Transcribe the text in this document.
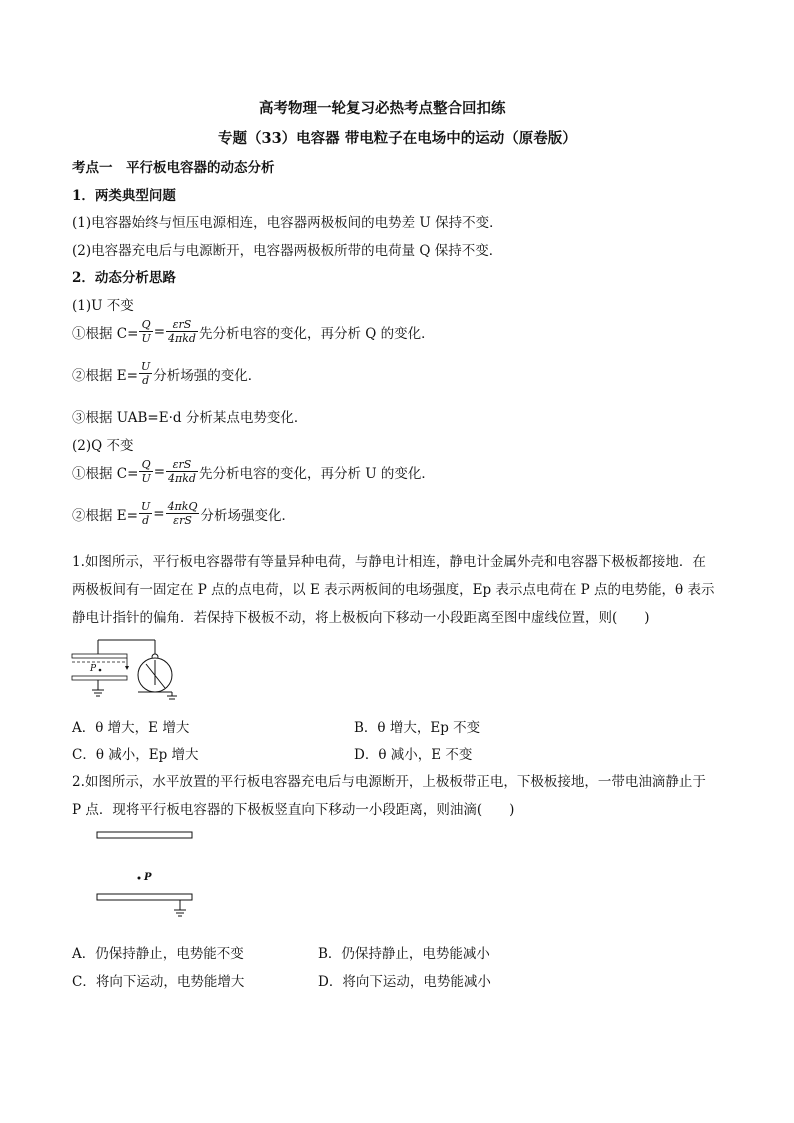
高考物理一轮复习必热考点整合回扣练
专题（33）电容器 带电粒子在电场中的运动（原卷版）
考点一　平行板电容器的动态分析
1．两类典型问题
(1)电容器始终与恒压电源相连，电容器两极板间的电势差 U 保持不变．
(2)电容器充电后与电源断开，电容器两极板所带的电荷量 Q 保持不变．
2．动态分析思路
(1)U 不变
①根据 $C= \frac{Q}{U} = \frac{\text{εrS}}{\text{4πkd}}$ 先分析电容的变化，再分析 Q 的变化．
②根据 $E= \frac{U}{d}$ 分析场强的变化．
③根据 UAB=E·d 分析某点电势变化．
(2)Q 不变
①根据 $C= \frac{Q}{U} = \frac{\text{εrS}}{\text{4πkd}}$ 先分析电容的变化，再分析 U 的变化．
②根据 $E= \frac{U}{d} = \frac{\text{4πkQ}}{\text{εrS}}$ 分析场强变化．
1.如图所示，平行板电容器带有等量异种电荷，与静电计相连，静电计金属外壳和电容器下极板都接地．在
两极板间有一固定在 P 点的点电荷，以 E 表示两板间的电场强度，Ep 表示点电荷在 P 点的电势能，θ 表示
静电计指针的偏角．若保持下极板不动，将上极板向下移动一小段距离至图中虚线位置，则(　　)
P
A．θ 增大，E 增大	B．θ 增大，Ep 不变
C．θ 减小，Ep 增大	D．θ 减小，E 不变
2.如图所示，水平放置的平行板电容器充电后与电源断开，上极板带正电，下极板接地，一带电油滴静止于
P 点．现将平行板电容器的下极板竖直向下移动一小段距离，则油滴(　　)
P
A．仍保持静止，电势能不变	B．仍保持静止，电势能减小
C．将向下运动，电势能增大	D．将向下运动，电势能减小
